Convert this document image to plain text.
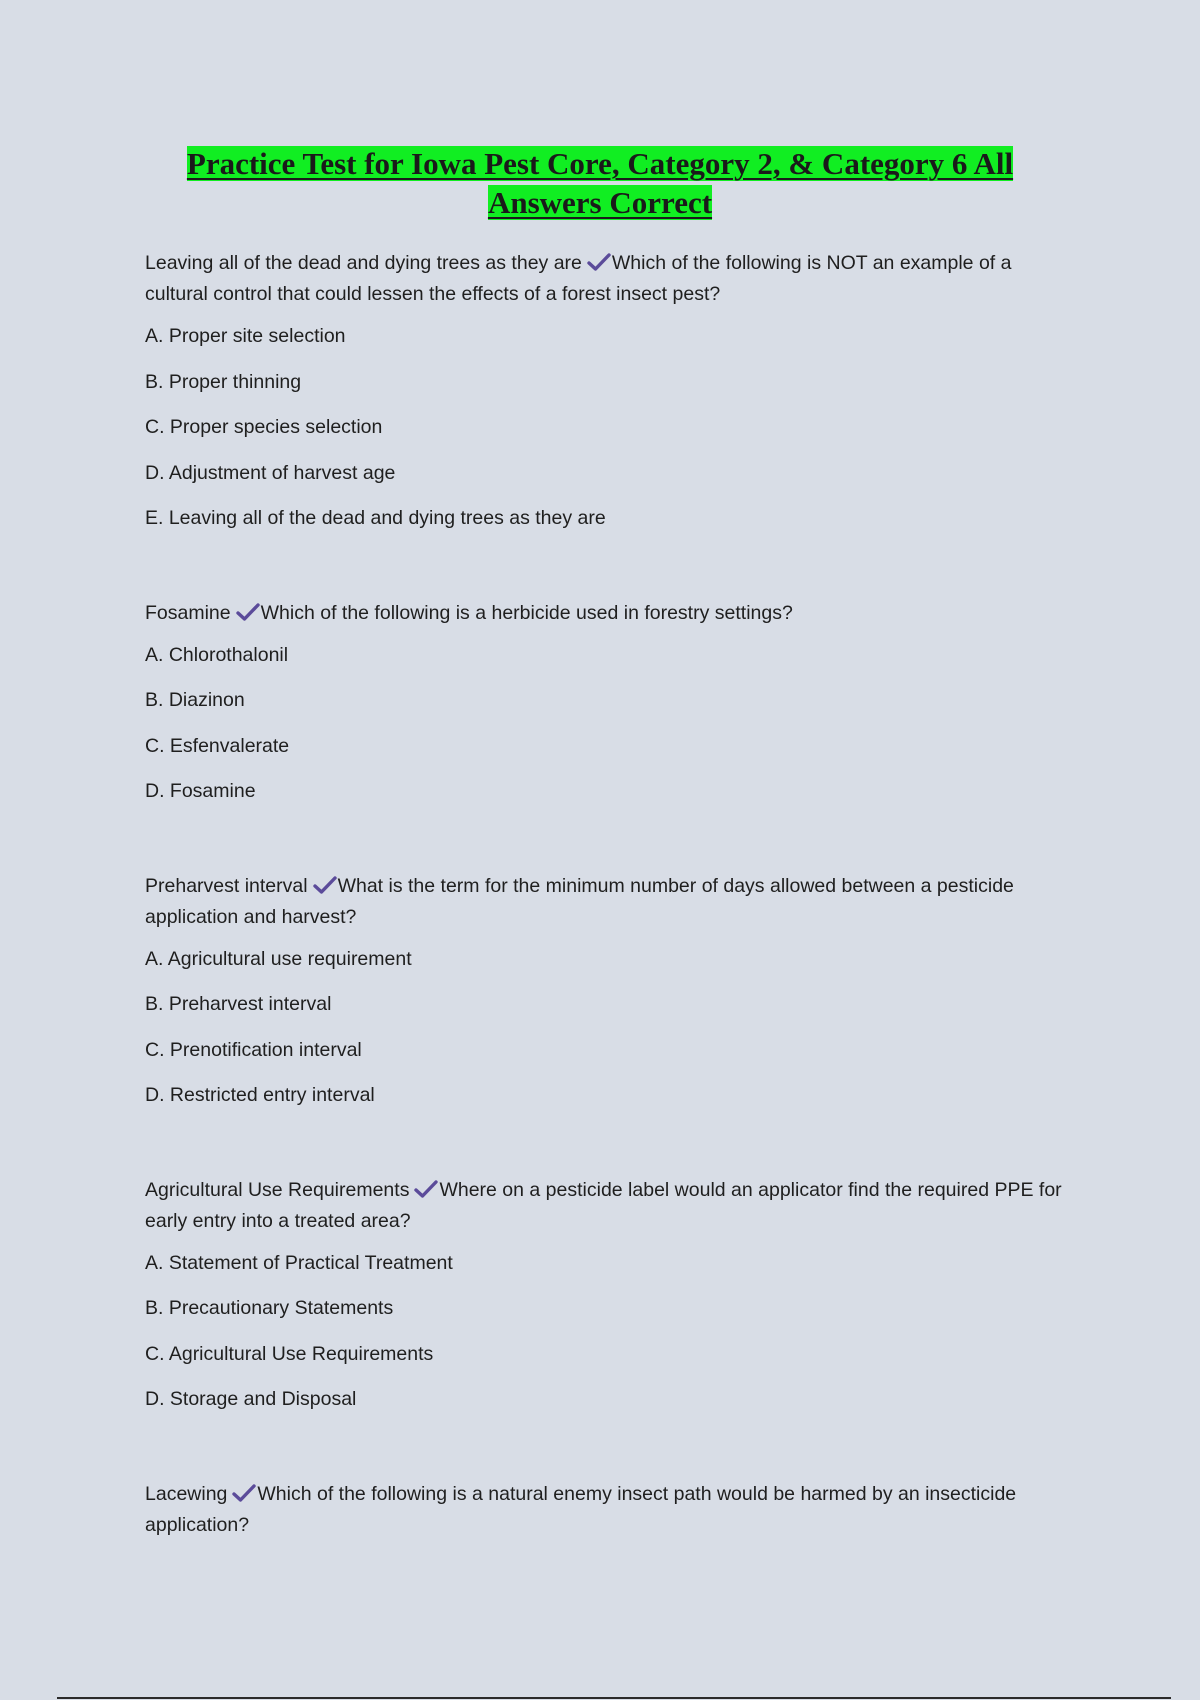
Practice Test for Iowa Pest Core, Category 2, & Category 6 All
Answers Correct
Leaving all of the dead and dying trees as they are Which of the following is NOT an example of a cultural control that could lessen the effects of a forest insect pest?
A. Proper site selection
B. Proper thinning
C. Proper species selection
D. Adjustment of harvest age
E. Leaving all of the dead and dying trees as they are
Fosamine Which of the following is a herbicide used in forestry settings?
A. Chlorothalonil
B. Diazinon
C. Esfenvalerate
D. Fosamine
Preharvest interval What is the term for the minimum number of days allowed between a pesticide application and harvest?
A. Agricultural use requirement
B. Preharvest interval
C. Prenotification interval
D. Restricted entry interval
Agricultural Use Requirements Where on a pesticide label would an applicator find the required PPE for early entry into a treated area?
A. Statement of Practical Treatment
B. Precautionary Statements
C. Agricultural Use Requirements
D. Storage and Disposal
Lacewing Which of the following is a natural enemy insect path would be harmed by an insecticide application?
